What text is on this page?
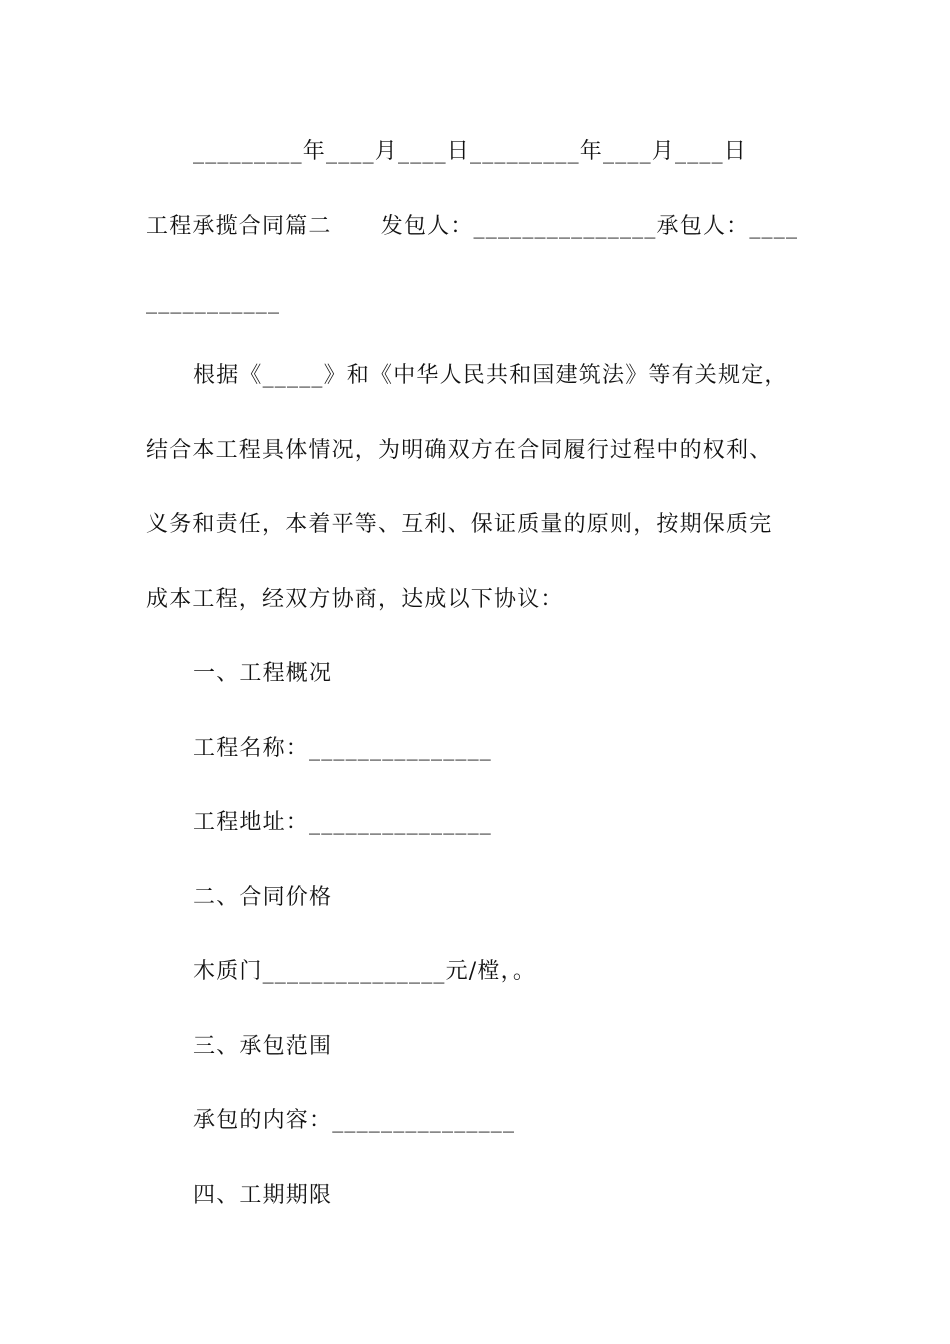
_________年____月____日_________年____月____日
工程承揽合同篇二      发包人：_______________承包人：____
___________
根据《_____》和《中华人民共和国建筑法》等有关规定，
结合本工程具体情况，为明确双方在合同履行过程中的权利、
义务和责任，本着平等、互利、保证质量的原则，按期保质完
成本工程，经双方协商，达成以下协议：
一、工程概况
工程名称：_______________
工程地址：_______________
二、合同价格
木质门_______________元/樘，。
三、承包范围
承包的内容：_______________
四、工期期限
